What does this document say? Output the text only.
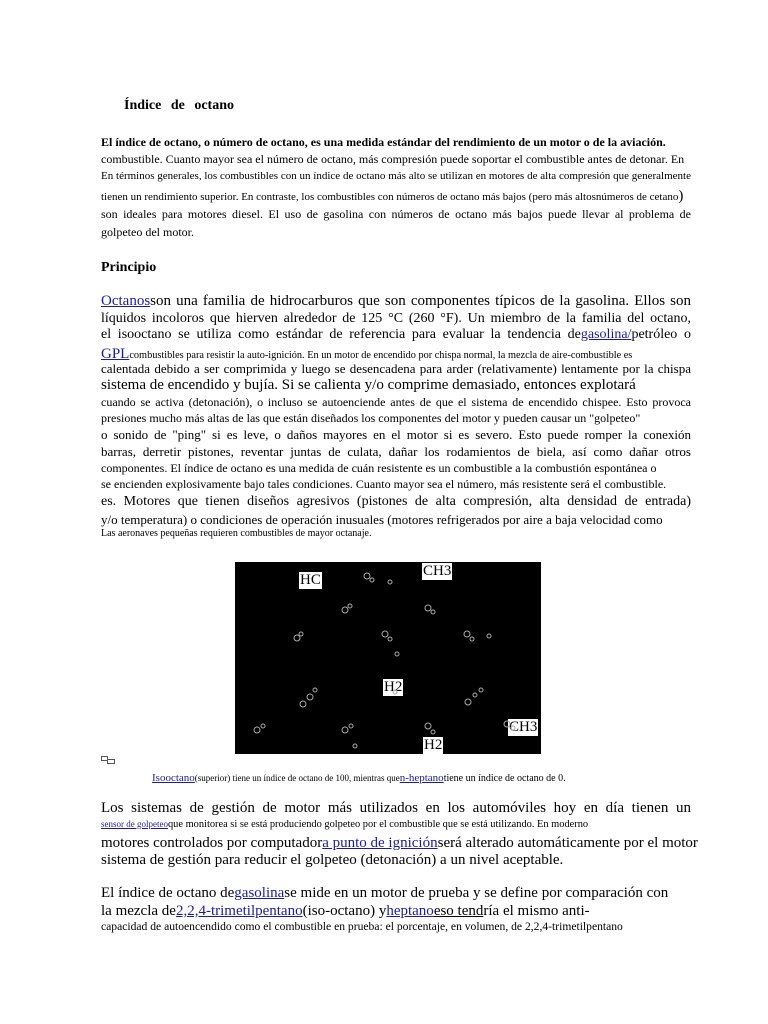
Índice de octano
El índice de octano, o número de octano, es una medida estándar del rendimiento de un motor o de la aviación.
combustible. Cuanto mayor sea el número de octano, más compresión puede soportar el combustible antes de detonar. En
En términos generales, los combustibles con un índice de octano más alto se utilizan en motores de alta compresión que generalmente
tienen un rendimiento superior. En contraste, los combustibles con números de octano más bajos (pero más altosnúmeros de cetano)
son ideales para motores diesel. El uso de gasolina con números de octano más bajos puede llevar al problema de
golpeteo del motor.
Principio
Octanosson una familia de hidrocarburos que son componentes típicos de la gasolina. Ellos son
líquidos incoloros que hierven alrededor de 125 °C (260 °F). Un miembro de la familia del octano,
el isooctano se utiliza como estándar de referencia para evaluar la tendencia degasolina/petróleo o
GPLcombustibles para resistir la auto-ignición. En un motor de encendido por chispa normal, la mezcla de aire-combustible es
calentada debido a ser comprimida y luego se desencadena para arder (relativamente) lentamente por la chispa
sistema de encendido y bujía. Si se calienta y/o comprime demasiado, entonces explotará
cuando se activa (detonación), o incluso se autoenciende antes de que el sistema de encendido chispee. Esto provoca
presiones mucho más altas de las que están diseñados los componentes del motor y pueden causar un "golpeteo"
o sonido de "ping" si es leve, o daños mayores en el motor si es severo. Esto puede romper la conexión
barras, derretir pistones, reventar juntas de culata, dañar los rodamientos de biela, así como dañar otros
componentes. El índice de octano es una medida de cuán resistente es un combustible a la combustión espontánea o
se encienden explosivamente bajo tales condiciones. Cuanto mayor sea el número, más resistente será el combustible.
es. Motores que tienen diseños agresivos (pistones de alta compresión, alta densidad de entrada)
y/o temperatura) o condiciones de operación inusuales (motores refrigerados por aire a baja velocidad como
Las aeronaves pequeñas requieren combustibles de mayor octanaje.
HC
CH3
H2
CH3
H2
Isooctano(superior) tiene un índice de octano de 100, mientras quen-heptanotiene un índice de octano de 0.
Los sistemas de gestión de motor más utilizados en los automóviles hoy en día tienen un
sensor de golpeteoque monitorea si se está produciendo golpeteo por el combustible que se está utilizando. En moderno
motores controlados por computadora punto de igniciónserá alterado automáticamente por el motor
sistema de gestión para reducir el golpeteo (detonación) a un nivel aceptable.
El índice de octano degasolinase mide en un motor de prueba y se define por comparación con
la mezcla de2,2,4-trimetilpentano(iso-octano) yheptanoeso tendría el mismo anti-
capacidad de autoencendido como el combustible en prueba: el porcentaje, en volumen, de 2,2,4-trimetilpentano
